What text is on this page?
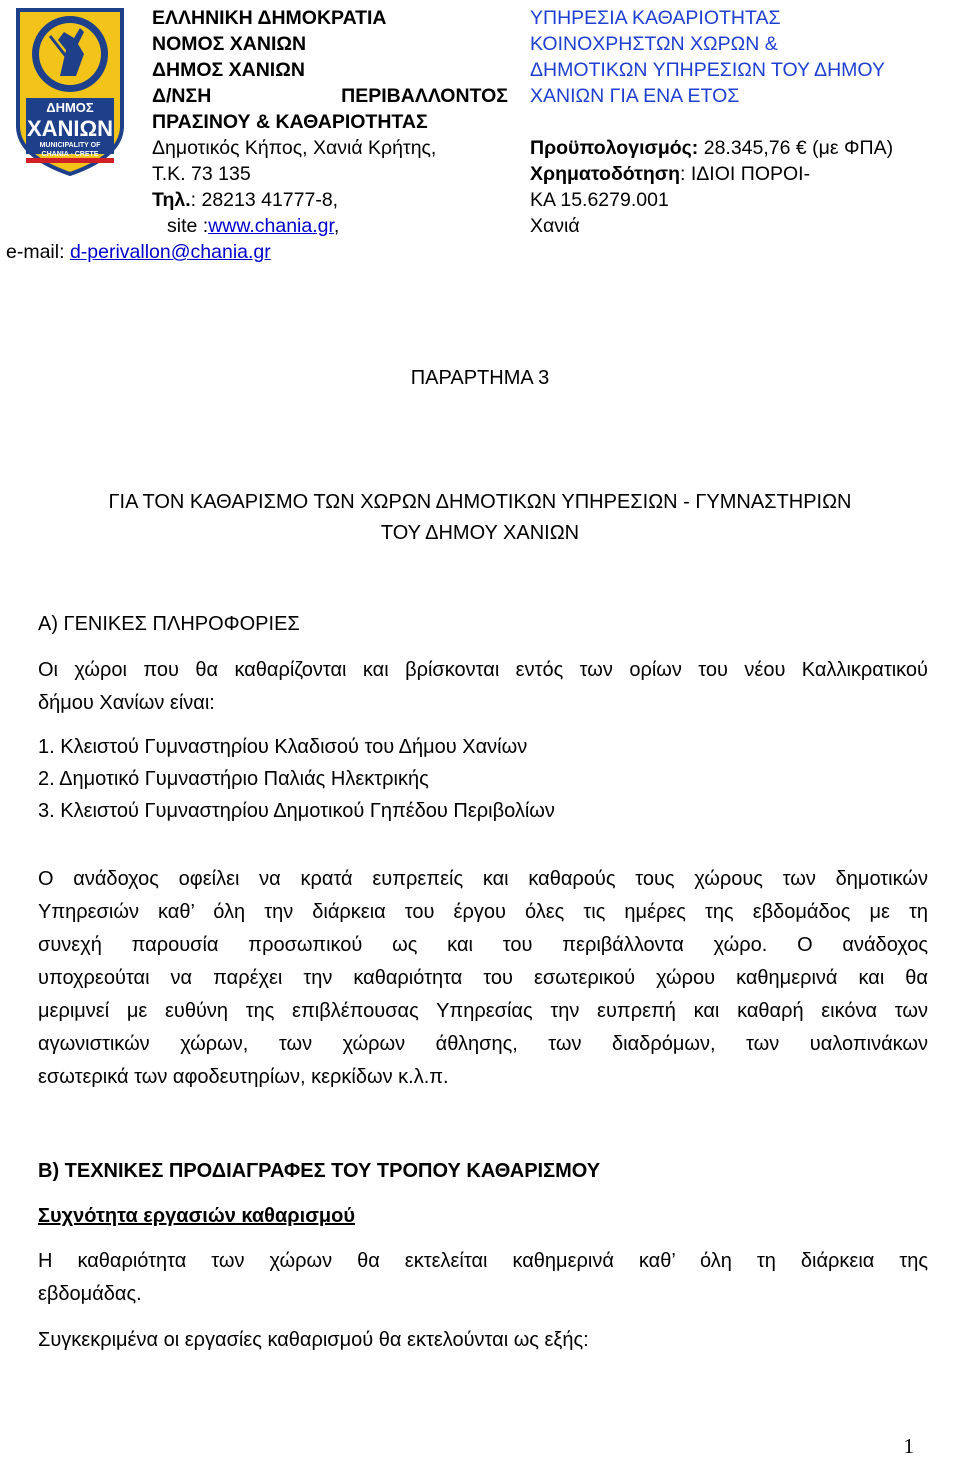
ΔΗΜΟΣ
ΧΑΝΙΩΝ
MUNICIPALITY OF
CHANIA - CRETE
ΕΛΛΗΝΙΚΗ ΔΗΜΟΚΡΑΤΙΑ
ΝΟΜΟΣ ΧΑΝΙΩΝ
ΔΗΜΟΣ ΧΑΝΙΩΝ
Δ/ΝΣΗ	ΠΕΡΙΒΑΛΛΟΝΤΟΣ
ΠΡΑΣΙΝΟΥ & ΚΑΘΑΡΙΟΤΗΤΑΣ
Δημοτικός Κήπος, Χανιά Κρήτης,
Τ.Κ. 73 135
Τηλ.: 28213 41777-8,
site :www.chania.gr,
e-mail: d-perivallon@chania.gr
ΥΠΗΡΕΣΙΑ ΚΑΘΑΡΙΟΤΗΤΑΣ
ΚΟΙΝΟΧΡΗΣΤΩΝ ΧΩΡΩΝ &
ΔΗΜΟΤΙΚΩΝ ΥΠΗΡΕΣΙΩΝ ΤΟΥ ΔΗΜΟΥ
ΧΑΝΙΩΝ ΓΙΑ ΕΝΑ ΕΤΟΣ
Προϋπολογισμός: 28.345,76 € (με ΦΠΑ)
Χρηματοδότηση: ΙΔΙΟΙ ΠΟΡΟΙ-
ΚΑ 15.6279.001
Χανιά
ΠΑΡΑΡΤΗΜΑ 3
ΓΙΑ ΤΟΝ ΚΑΘΑΡΙΣΜΟ ΤΩΝ ΧΩΡΩΝ ΔΗΜΟΤΙΚΩΝ ΥΠΗΡΕΣΙΩΝ - ΓΥΜΝΑΣΤΗΡΙΩΝ
ΤΟΥ ΔΗΜΟΥ ΧΑΝΙΩΝ
Α) ΓΕΝΙΚΕΣ ΠΛΗΡΟΦΟΡΙΕΣ
Οι χώροι που θα καθαρίζονται και βρίσκονται εντός των ορίων του νέου Καλλικρατικού
δήμου Χανίων είναι:
1. Κλειστού Γυμναστηρίου Κλαδισού του Δήμου Χανίων
2. Δημοτικό Γυμναστήριο Παλιάς Ηλεκτρικής
3. Κλειστού Γυμναστηρίου Δημοτικού Γηπέδου Περιβολίων
Ο ανάδοχος οφείλει να κρατά ευπρεπείς και καθαρούς τους χώρους των δημοτικών
Υπηρεσιών καθ’ όλη την διάρκεια του έργου όλες τις ημέρες της εβδομάδος με τη
συνεχή παρουσία προσωπικού ως και του περιβάλλοντα χώρο. Ο ανάδοχος
υποχρεούται να παρέχει την καθαριότητα του εσωτερικού χώρου καθημερινά και θα
μεριμνεί με ευθύνη της επιβλέπουσας Υπηρεσίας την ευπρεπή και καθαρή εικόνα των
αγωνιστικών χώρων, των χώρων άθλησης, των διαδρόμων, των υαλοπινάκων
εσωτερικά των αφοδευτηρίων, κερκίδων κ.λ.π.
Β) ΤΕΧΝΙΚΕΣ ΠΡΟΔΙΑΓΡΑΦΕΣ ΤΟΥ ΤΡΟΠΟΥ ΚΑΘΑΡΙΣΜΟΥ
Συχνότητα εργασιών καθαρισμού
Η καθαριότητα των χώρων θα εκτελείται καθημερινά καθ’ όλη τη διάρκεια της
εβδομάδας.
Συγκεκριμένα οι εργασίες καθαρισμού θα εκτελούνται ως εξής:
1
